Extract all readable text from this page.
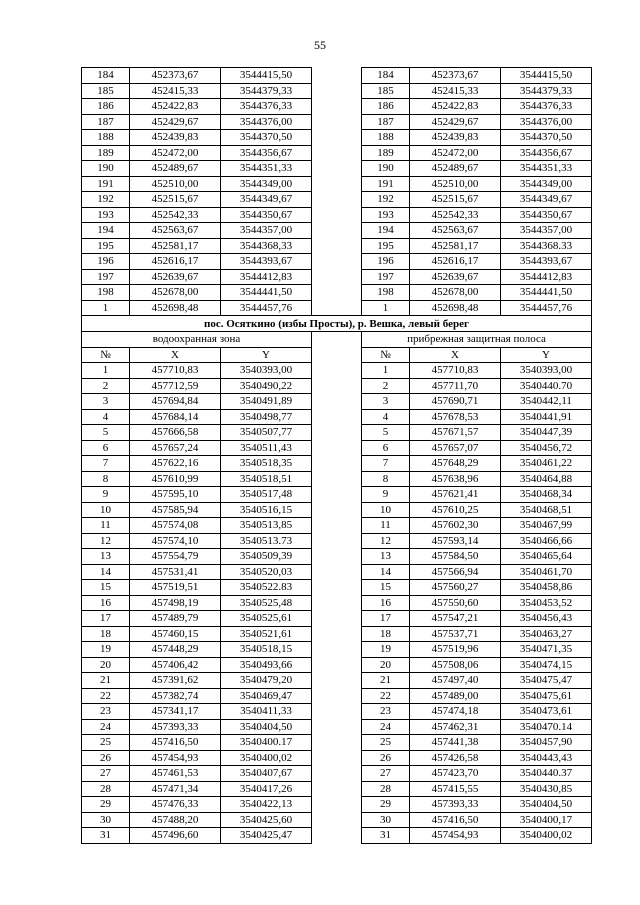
55
184	452373,67	3544415,50		184	452373,67	3544415,50
185	452415,33	3544379,33		185	452415,33	3544379,33
186	452422,83	3544376,33		186	452422,83	3544376,33
187	452429,67	3544376,00		187	452429,67	3544376,00
188	452439,83	3544370,50		188	452439,83	3544370,50
189	452472,00	3544356,67		189	452472,00	3544356,67
190	452489,67	3544351,33		190	452489,67	3544351,33
191	452510,00	3544349,00		191	452510,00	3544349,00
192	452515,67	3544349,67		192	452515,67	3544349,67
193	452542,33	3544350,67		193	452542,33	3544350,67
194	452563,67	3544357,00		194	452563,67	3544357,00
195	452581,17	3544368,33		195	452581,17	3544368.33
196	452616,17	3544393,67		196	452616,17	3544393,67
197	452639,67	3544412,83		197	452639,67	3544412,83
198	452678,00	3544441,50		198	452678,00	3544441,50
1	452698,48	3544457,76		1	452698,48	3544457,76
пос. Осяткино (избы Просты), р. Вешка, левый берег						
водоохранная зона				прибрежная защитная полоса		
№	X	Y		№	X	Y
1	457710,83	3540393,00		1	457710,83	3540393,00
2	457712,59	3540490,22		2	457711,70	3540440.70
3	457694,84	3540491,89		3	457690,71	3540442,11
4	457684,14	3540498,77		4	457678,53	3540441,91
5	457666,58	3540507,77		5	457671,57	3540447,39
6	457657,24	3540511,43		6	457657,07	3540456,72
7	457622,16	3540518,35		7	457648,29	3540461,22
8	457610,99	3540518,51		8	457638,96	3540464,88
9	457595,10	3540517,48		9	457621,41	3540468,34
10	457585,94	3540516,15		10	457610,25	3540468,51
11	457574,08	3540513,85		11	457602,30	3540467,99
12	457574,10	3540513.73		12	457593,14	3540466,66
13	457554,79	3540509,39		13	457584,50	3540465,64
14	457531,41	3540520,03		14	457566,94	3540461,70
15	457519,51	3540522.83		15	457560,27	3540458,86
16	457498,19	3540525,48		16	457550,60	3540453,52
17	457489,79	3540525,61		17	457547,21	3540456,43
18	457460,15	3540521,61		18	457537,71	3540463,27
19	457448,29	3540518,15		19	457519,96	3540471,35
20	457406,42	3540493,66		20	457508,06	3540474,15
21	457391,62	3540479,20		21	457497,40	3540475,47
22	457382,74	3540469,47		22	457489,00	3540475,61
23	457341,17	3540411,33		23	457474,18	3540473,61
24	457393,33	3540404,50		24	457462,31	3540470.14
25	457416,50	3540400.17		25	457441,38	3540457,90
26	457454,93	3540400,02		26	457426,58	3540443,43
27	457461,53	3540407,67		27	457423,70	3540440.37
28	457471,34	3540417,26		28	457415,55	3540430,85
29	457476,33	3540422,13		29	457393,33	3540404,50
30	457488,20	3540425,60		30	457416,50	3540400,17
31	457496,60	3540425,47		31	457454,93	3540400,02
